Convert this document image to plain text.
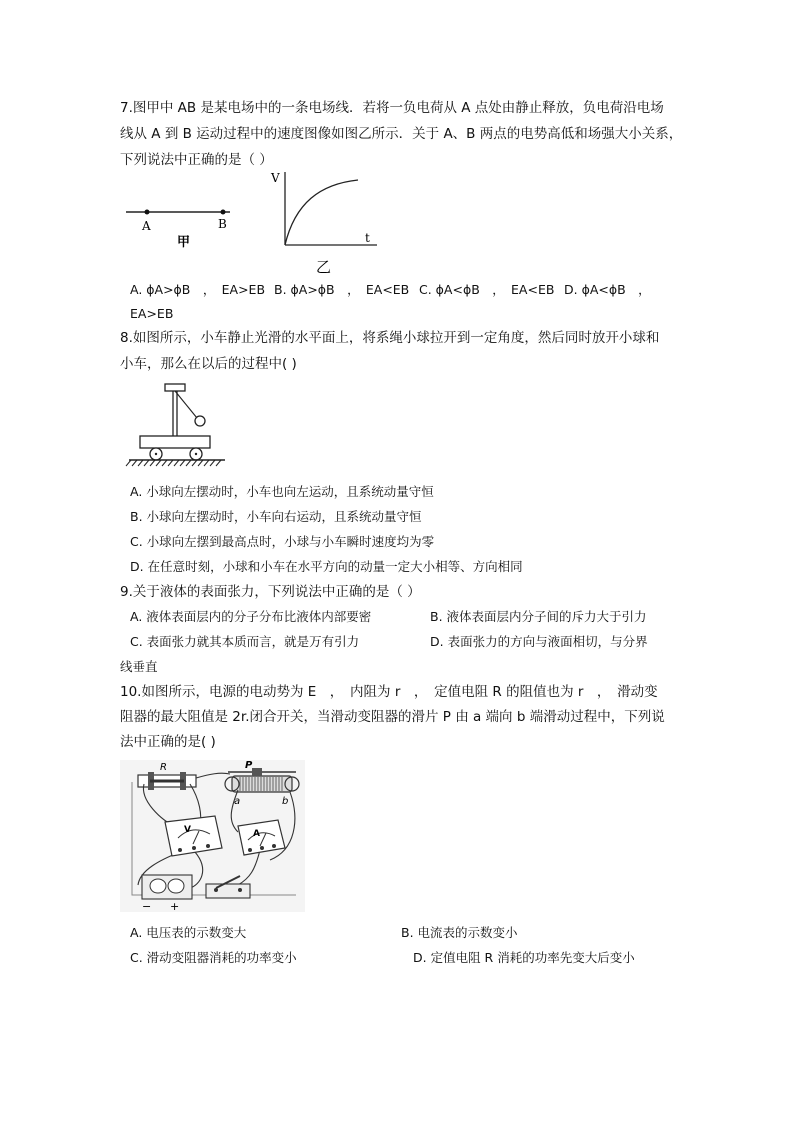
7.图甲中 AB 是某电场中的一条电场线．若将一负电荷从 A 点处由静止释放，负电荷沿电场
线从 A 到 B 运动过程中的速度图像如图乙所示．关于 A、B 两点的电势高低和场强大小关系，
下列说法中正确的是（ ）
A	B
甲
V
t
乙
A. ϕA>ϕB　，　EA>EB B. ϕA>ϕB　，　EA<EB C. ϕA<ϕB　，　EA<EB D. ϕA<ϕB　，
EA>EB
8.如图所示，小车静止光滑的水平面上，将系绳小球拉开到一定角度，然后同时放开小球和
小车，那么在以后的过程中( )
A. 小球向左摆动时，小车也向左运动，且系统动量守恒
B. 小球向左摆动时，小车向右运动，且系统动量守恒
C. 小球向左摆到最高点时，小球与小车瞬时速度均为零
D. 在任意时刻，小球和小车在水平方向的动量一定大小相等、方向相同
9.关于液体的表面张力，下列说法中正确的是（ ）
A. 液体表面层内的分子分布比液体内部要密	B. 液体表面层内分子间的斥力大于引力
C. 表面张力就其本质而言，就是万有引力	D. 表面张力的方向与液面相切，与分界
线垂直
10.如图所示，电源的电动势为 E　，　内阻为 r　，　定值电阻 R 的阻值也为 r　，　滑动变
阻器的最大阻值是 2r.闭合开关，当滑动变阻器的滑片 P 由 a 端向 b 端滑动过程中，下列说
法中正确的是( )
R	P
a	b
V	A
− +
A. 电压表的示数变大	B. 电流表的示数变小
C. 滑动变阻器消耗的功率变小	D. 定值电阻 R 消耗的功率先变大后变小
